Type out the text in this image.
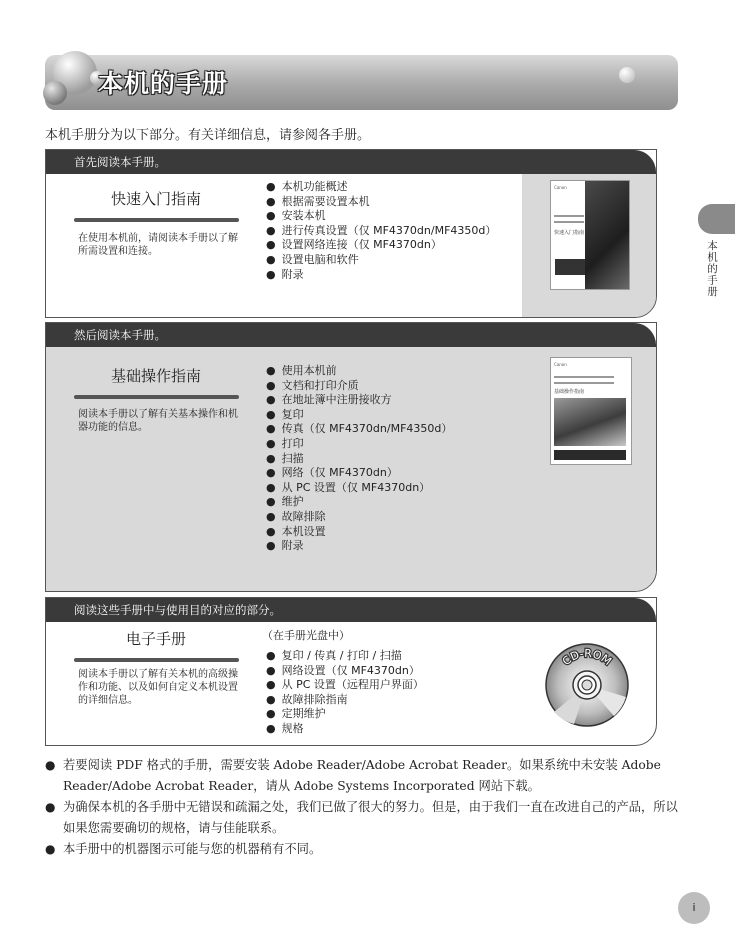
本机的手册
本机手册分为以下部分。有关详细信息，请参阅各手册。
本机的手册
首先阅读本手册。
快速入门指南
在使用本机前，请阅读本手册以了解所需设置和连接。
● 本机功能概述
● 根据需要设置本机
● 安装本机
● 进行传真设置（仅 MF4370dn/MF4350d）
● 设置网络连接（仅 MF4370dn）
● 设置电脑和软件
● 附录
Canon
快速入门指南
然后阅读本手册。
基础操作指南
阅读本手册以了解有关基本操作和机器功能的信息。
● 使用本机前
● 文档和打印介质
● 在地址簿中注册接收方
● 复印
● 传真（仅 MF4370dn/MF4350d）
● 打印
● 扫描
● 网络（仅 MF4370dn）
● 从 PC 设置（仅 MF4370dn）
● 维护
● 故障排除
● 本机设置
● 附录
Canon
基础操作指南
阅读这些手册中与使用目的对应的部分。
电子手册
阅读本手册以了解有关本机的高级操作和功能、以及如何自定义本机设置的详细信息。
（在手册光盘中）
● 复印 / 传真 / 打印 / 扫描
● 网络设置（仅 MF4370dn）
● 从 PC 设置（远程用户界面）
● 故障排除指南
● 定期维护
● 规格
CD-ROM
● 若要阅读 PDF 格式的手册，需要安装 Adobe Reader/Adobe Acrobat Reader。如果系统中未安装 Adobe Reader/Adobe Acrobat Reader，请从 Adobe Systems Incorporated 网站下载。
● 为确保本机的各手册中无错误和疏漏之处，我们已做了很大的努力。但是，由于我们一直在改进自己的产品，所以如果您需要确切的规格，请与佳能联系。
● 本手册中的机器图示可能与您的机器稍有不同。
i
